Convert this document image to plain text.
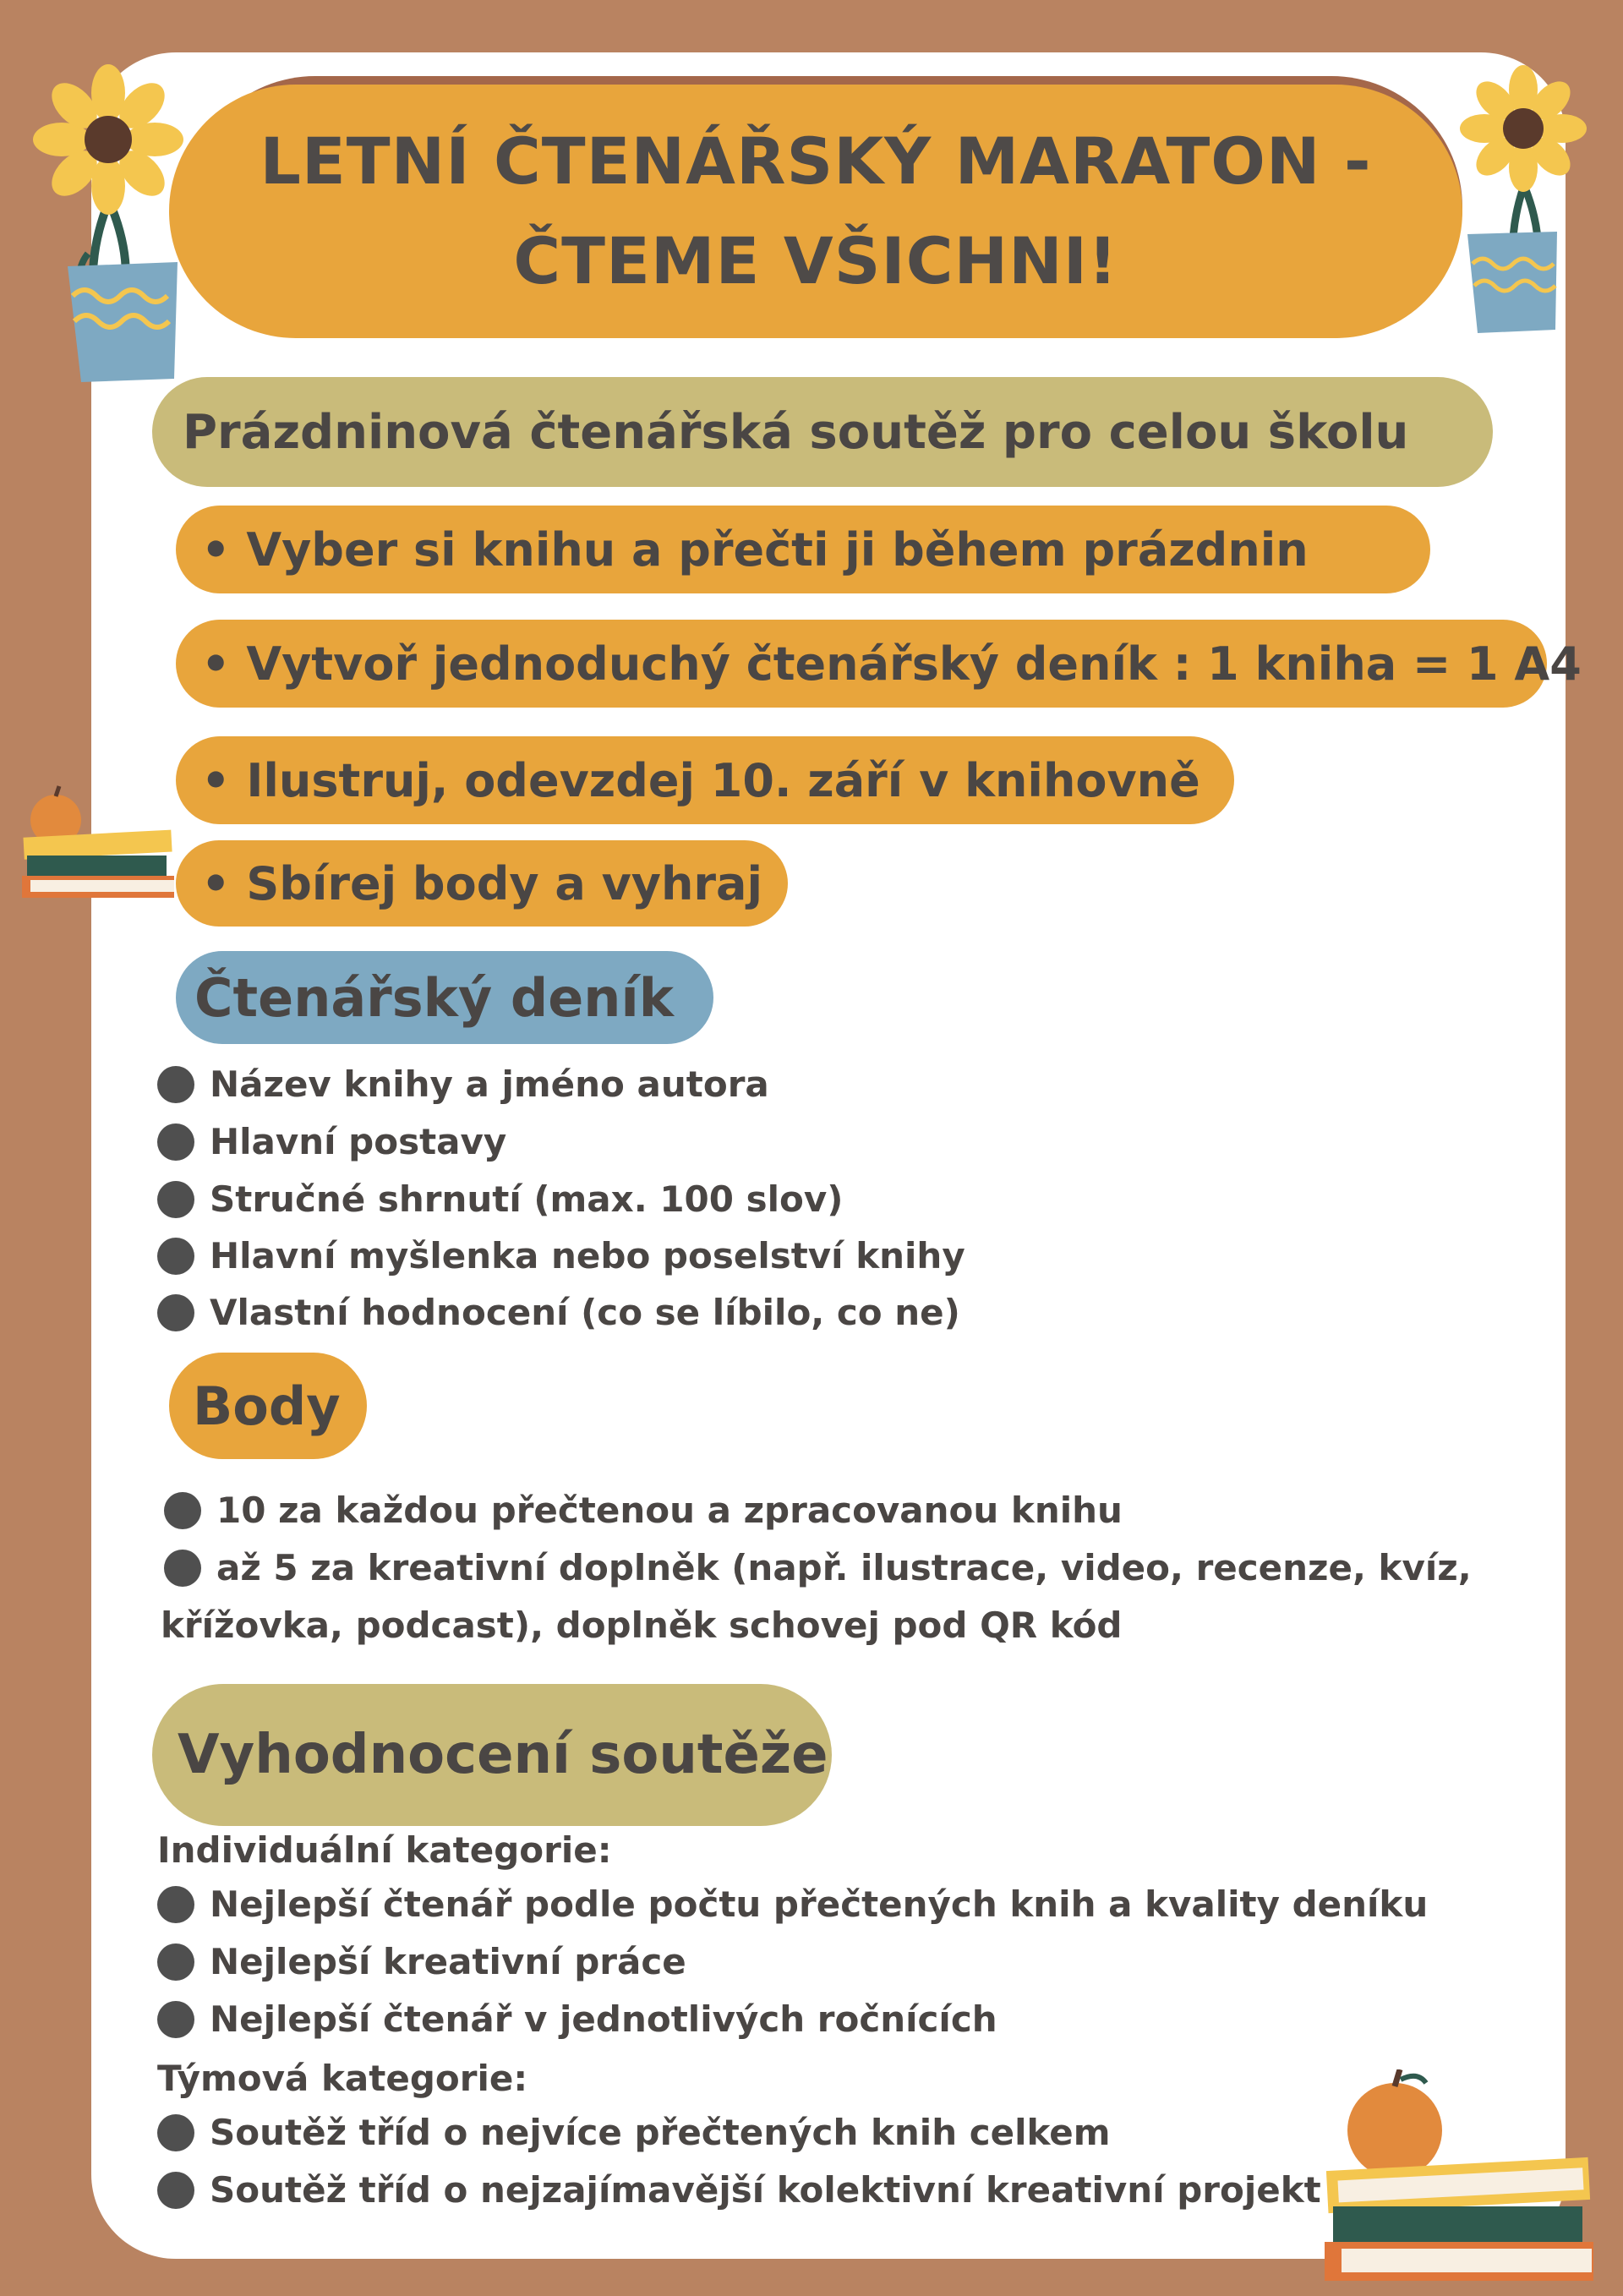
LETNÍ ČTENÁŘSKÝ MARATON -
ČTEME VŠICHNI!
Prázdninová čtenářská soutěž pro celou školu
• Vyber si knihu a přečti ji během prázdnin
• Vytvoř jednoduchý čtenářský deník : 1 kniha = 1 A4
• Ilustruj, odevzdej 10. září v knihovně
• Sbírej body a vyhraj
Čtenářský deník
Název knihy a jméno autora
Hlavní postavy
Stručné shrnutí (max. 100 slov)
Hlavní myšlenka nebo poselství knihy
Vlastní hodnocení (co se líbilo, co ne)
Body
10 za každou přečtenou a zpracovanou knihu
až 5 za kreativní doplněk (např. ilustrace, video, recenze, kvíz,
křížovka, podcast), doplněk schovej pod QR kód
Vyhodnocení soutěže
Individuální kategorie:
Nejlepší čtenář podle počtu přečtených knih a kvality deníku
Nejlepší kreativní práce
Nejlepší čtenář v jednotlivých ročnících
Týmová kategorie:
Soutěž tříd o nejvíce přečtených knih celkem
Soutěž tříd o nejzajímavější kolektivní kreativní projekt
